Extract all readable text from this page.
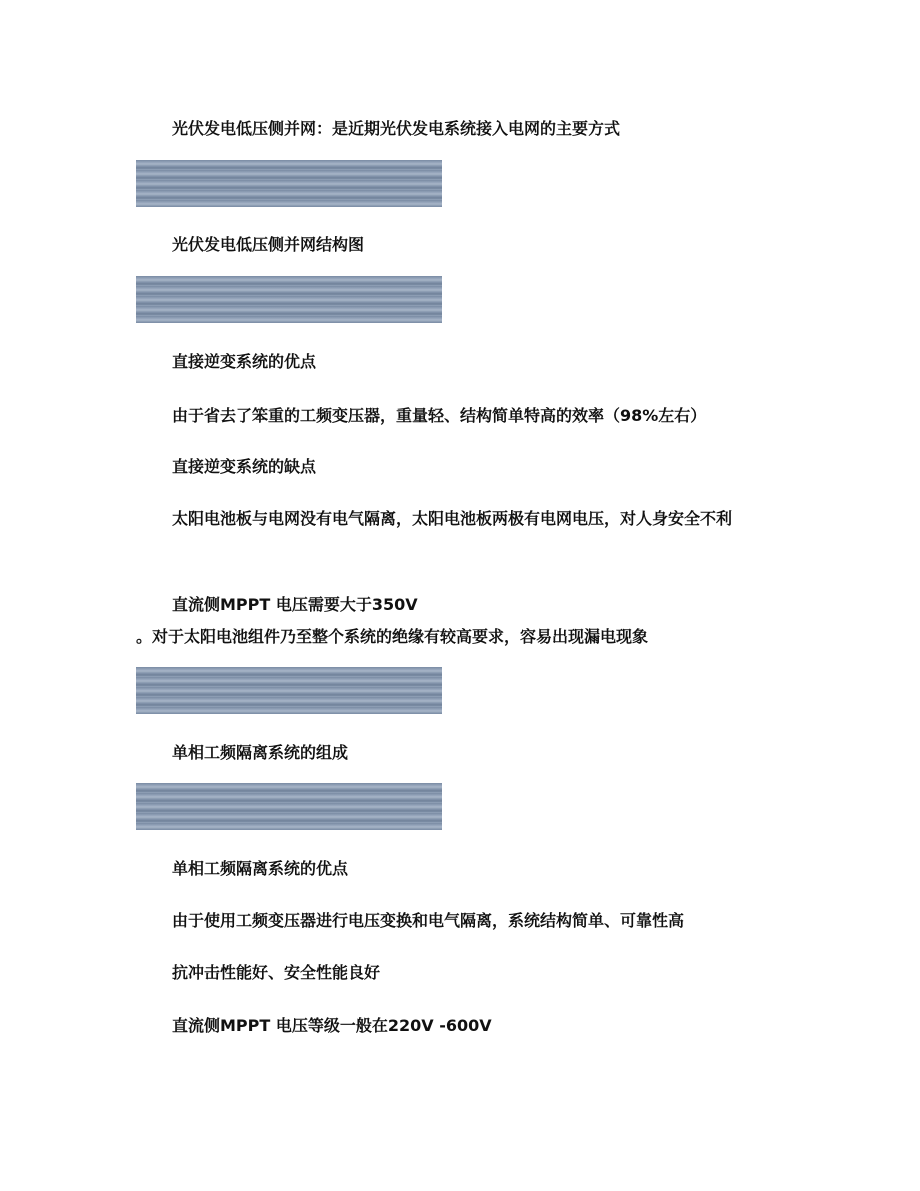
光伏发电低压侧并网：是近期光伏发电系统接入电网的主要方式
光伏发电低压侧并网结构图
直接逆变系统的优点
由于省去了笨重的工频变压器，重量轻、结构简单特高的效率（98%左右）
直接逆变系统的缺点
太阳电池板与电网没有电气隔离，太阳电池板两极有电网电压，对人身安全不利
直流侧MPPT 电压需要大于350V
。对于太阳电池组件乃至整个系统的绝缘有较高要求，容易出现漏电现象
单相工频隔离系统的组成
单相工频隔离系统的优点
由于使用工频变压器进行电压变换和电气隔离，系统结构简单、可靠性高
抗冲击性能好、安全性能良好
直流侧MPPT 电压等级一般在220V -600V
